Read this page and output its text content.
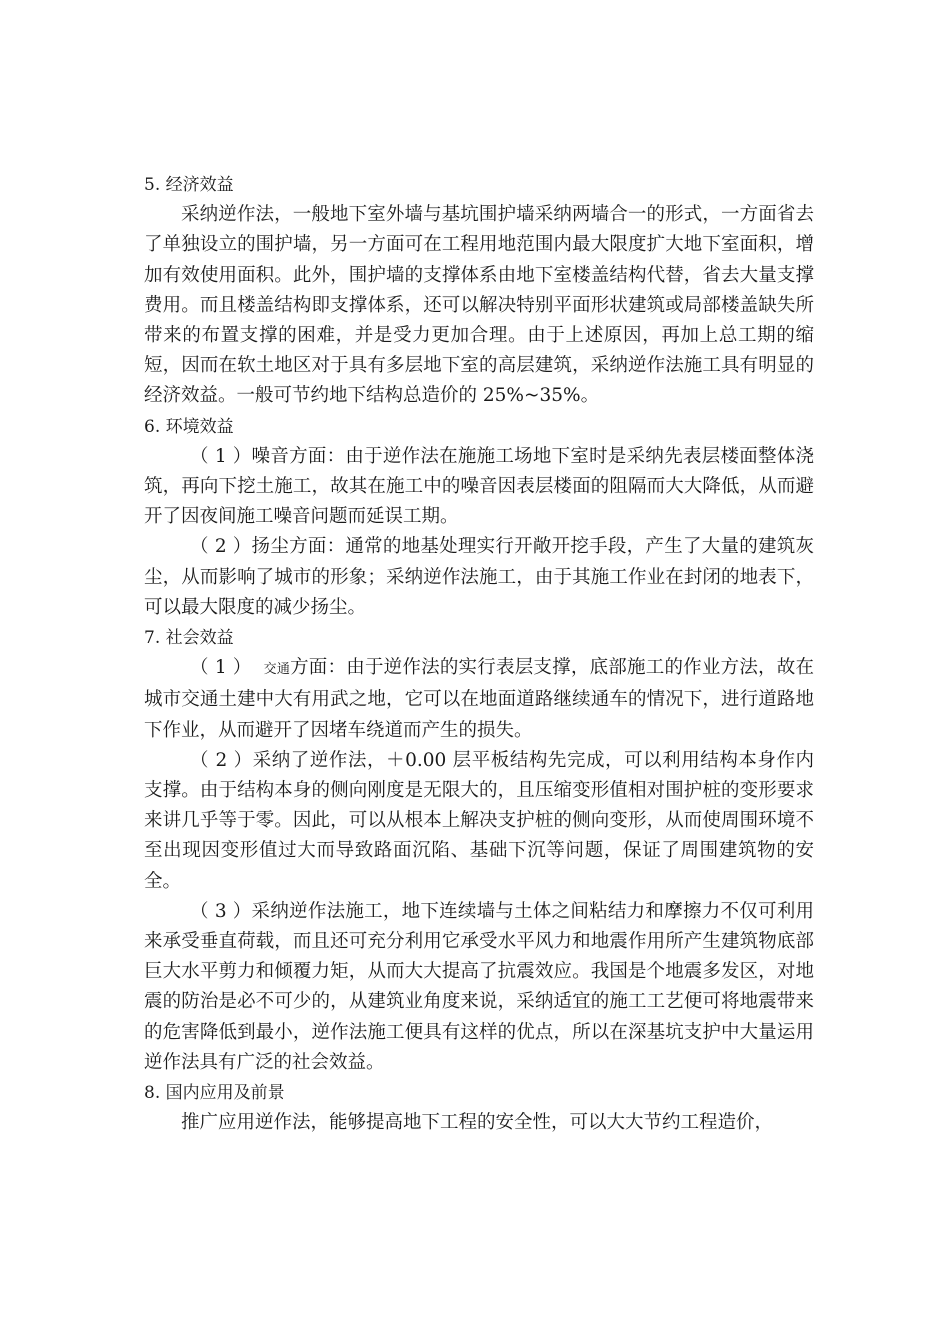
5. 经济效益

采纳逆作法，一般地下室外墙与基坑围护墙采纳两墙合一的形式，一方面省去了单独设立的围护墙，另一方面可在工程用地范围内最大限度扩大地下室面积，增加有效使用面积。此外，围护墙的支撑体系由地下室楼盖结构代替，省去大量支撑费用。而且楼盖结构即支撑体系，还可以解决特别平面形状建筑或局部楼盖缺失所带来的布置支撑的困难，并是受力更加合理。由于上述原因，再加上总工期的缩短，因而在软土地区对于具有多层地下室的高层建筑，采纳逆作法施工具有明显的经济效益。一般可节约地下结构总造价的 25%~35%。

6. 环境效益

（ 1 ）噪音方面：由于逆作法在施施工场地下室时是采纳先表层楼面整体浇筑，再向下挖土施工，故其在施工中的噪音因表层楼面的阻隔而大大降低，从而避开了因夜间施工噪音问题而延误工期。

（ 2 ）扬尘方面：通常的地基处理实行开敞开挖手段，产生了大量的建筑灰尘，从而影响了城市的形象；采纳逆作法施工，由于其施工作业在封闭的地表下，可以最大限度的减少扬尘。

7. 社会效益

（ 1 ）  交通方面：由于逆作法的实行表层支撑，底部施工的作业方法，故在城市交通土建中大有用武之地，它可以在地面道路继续通车的情况下，进行道路地下作业，从而避开了因堵车绕道而产生的损失。

（ 2 ）采纳了逆作法，＋0.00 层平板结构先完成，可以利用结构本身作内支撑。由于结构本身的侧向刚度是无限大的，且压缩变形值相对围护桩的变形要求来讲几乎等于零。因此，可以从根本上解决支护桩的侧向变形，从而使周围环境不至出现因变形值过大而导致路面沉陷、基础下沉等问题，保证了周围建筑物的安全。

（ 3 ）采纳逆作法施工，地下连续墙与土体之间粘结力和摩擦力不仅可利用来承受垂直荷载，而且还可充分利用它承受水平风力和地震作用所产生建筑物底部巨大水平剪力和倾覆力矩，从而大大提高了抗震效应。我国是个地震多发区，对地震的防治是必不可少的，从建筑业角度来说，采纳适宜的施工工艺便可将地震带来的危害降低到最小，逆作法施工便具有这样的优点，所以在深基坑支护中大量运用逆作法具有广泛的社会效益。

8. 国内应用及前景

推广应用逆作法，能够提高地下工程的安全性，可以大大节约工程造价，
